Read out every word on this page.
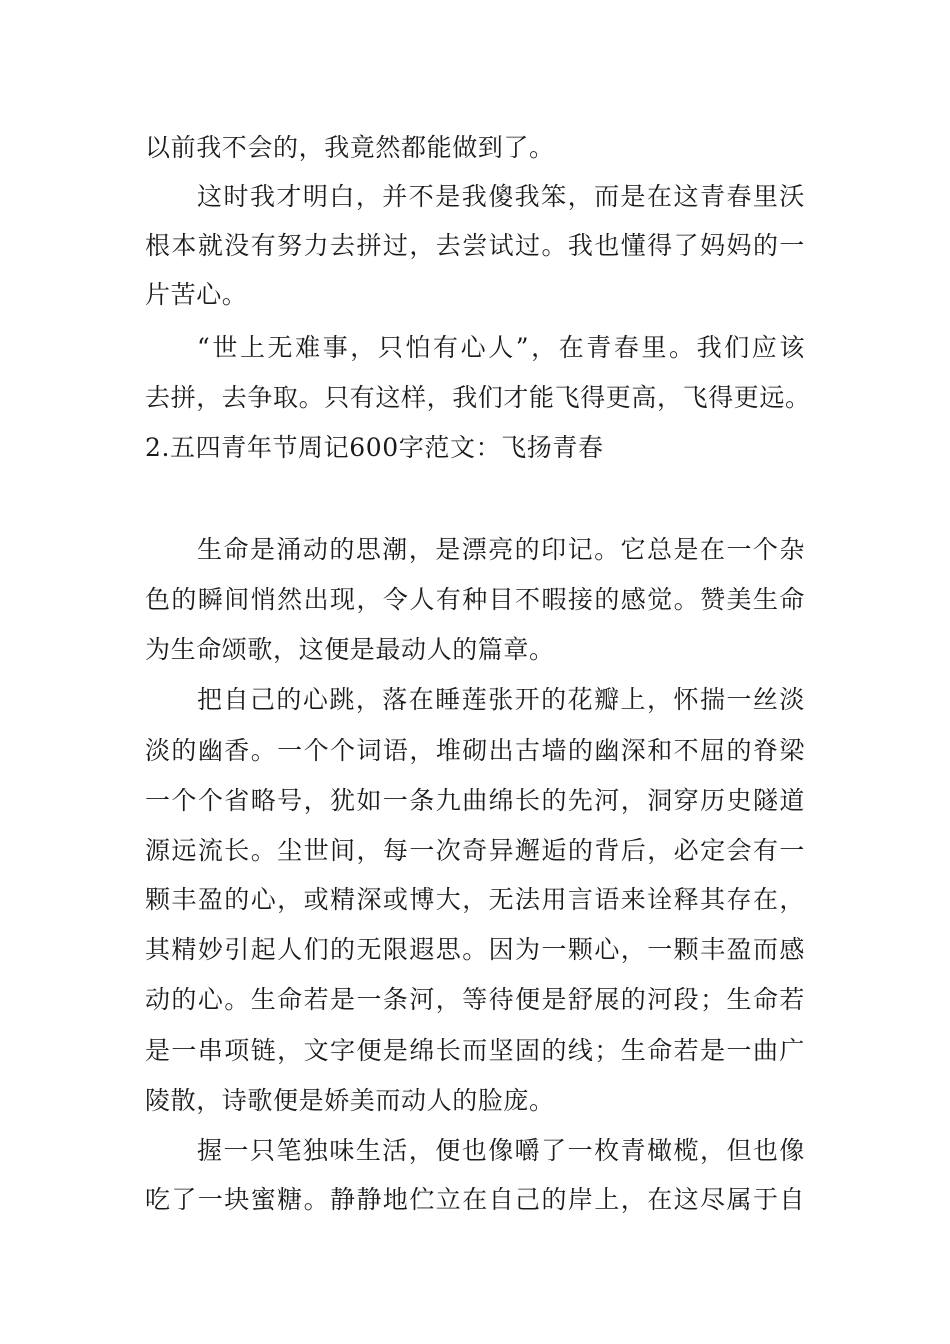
以前我不会的，我竟然都能做到了。
这时我才明白，并不是我傻我笨，而是在这青春里沃
根本就没有努力去拼过，去尝试过。我也懂得了妈妈的一
片苦心。
“世上无难事，只怕有心人”，在青春里。我们应该
去拼，去争取。只有这样，我们才能飞得更高，飞得更远。
2.五四青年节周记600字范文：飞扬青春
生命是涌动的思潮，是漂亮的印记。它总是在一个杂
色的瞬间悄然出现，令人有种目不暇接的感觉。赞美生命
为生命颂歌，这便是最动人的篇章。
把自己的心跳，落在睡莲张开的花瓣上，怀揣一丝淡
淡的幽香。一个个词语，堆砌出古墙的幽深和不屈的脊梁
一个个省略号，犹如一条九曲绵长的先河，洞穿历史隧道
源远流长。尘世间，每一次奇异邂逅的背后，必定会有一
颗丰盈的心，或精深或博大，无法用言语来诠释其存在，
其精妙引起人们的无限遐思。因为一颗心，一颗丰盈而感
动的心。生命若是一条河，等待便是舒展的河段；生命若
是一串项链，文字便是绵长而坚固的线；生命若是一曲广
陵散，诗歌便是娇美而动人的脸庞。
握一只笔独味生活，便也像嚼了一枚青橄榄，但也像
吃了一块蜜糖。静静地伫立在自己的岸上，在这尽属于自
